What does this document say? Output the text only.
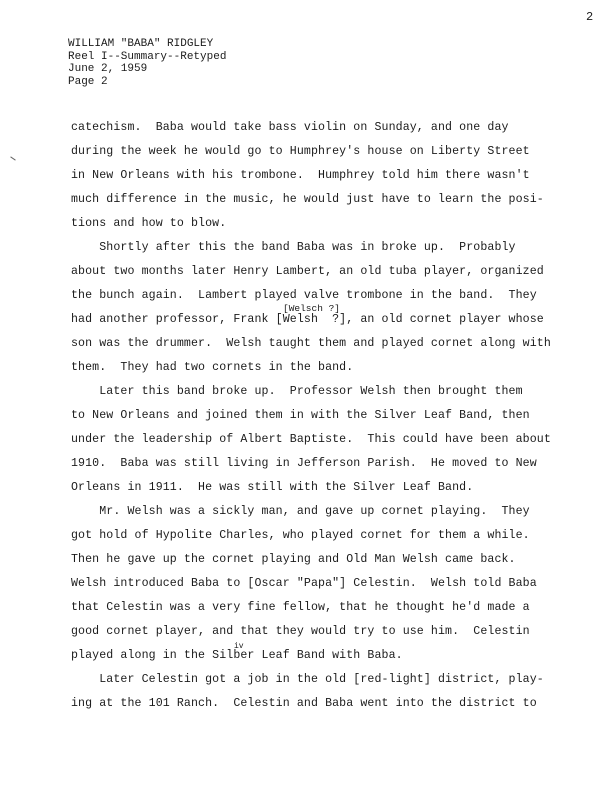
2
WILLIAM "BABA" RIDGLEY
Reel I--Summary--Retyped
June 2, 1959
Page 2
catechism.  Baba would take bass violin on Sunday, and one day
during the week he would go to Humphrey's house on Liberty Street
in New Orleans with his trombone.  Humphrey told him there wasn't
much difference in the music, he would just have to learn the posi-
tions and how to blow.
Shortly after this the band Baba was in broke up.  Probably
about two months later Henry Lambert, an old tuba player, organized
the bunch again.  Lambert played valve trombone in the band.  They
[Welsch ?]
had another professor, Frank [Welsh  ?], an old cornet player whose
son was the drummer.  Welsh taught them and played cornet along with
them.  They had two cornets in the band.
Later this band broke up.  Professor Welsh then brought them
to New Orleans and joined them in with the Silver Leaf Band, then
under the leadership of Albert Baptiste.  This could have been about
1910.  Baba was still living in Jefferson Parish.  He moved to New
Orleans in 1911.  He was still with the Silver Leaf Band.
Mr. Welsh was a sickly man, and gave up cornet playing.  They
got hold of Hypolite Charles, who played cornet for them a while.
Then he gave up the cornet playing and Old Man Welsh came back.
Welsh introduced Baba to [Oscar "Papa"] Celestin.  Welsh told Baba
that Celestin was a very fine fellow, that he thought he'd made a
good cornet player, and that they would try to use him.  Celestin
iv
played along in the Silber Leaf Band with Baba.
Later Celestin got a job in the old [red-light] district, play-
ing at the 101 Ranch.  Celestin and Baba went into the district to
